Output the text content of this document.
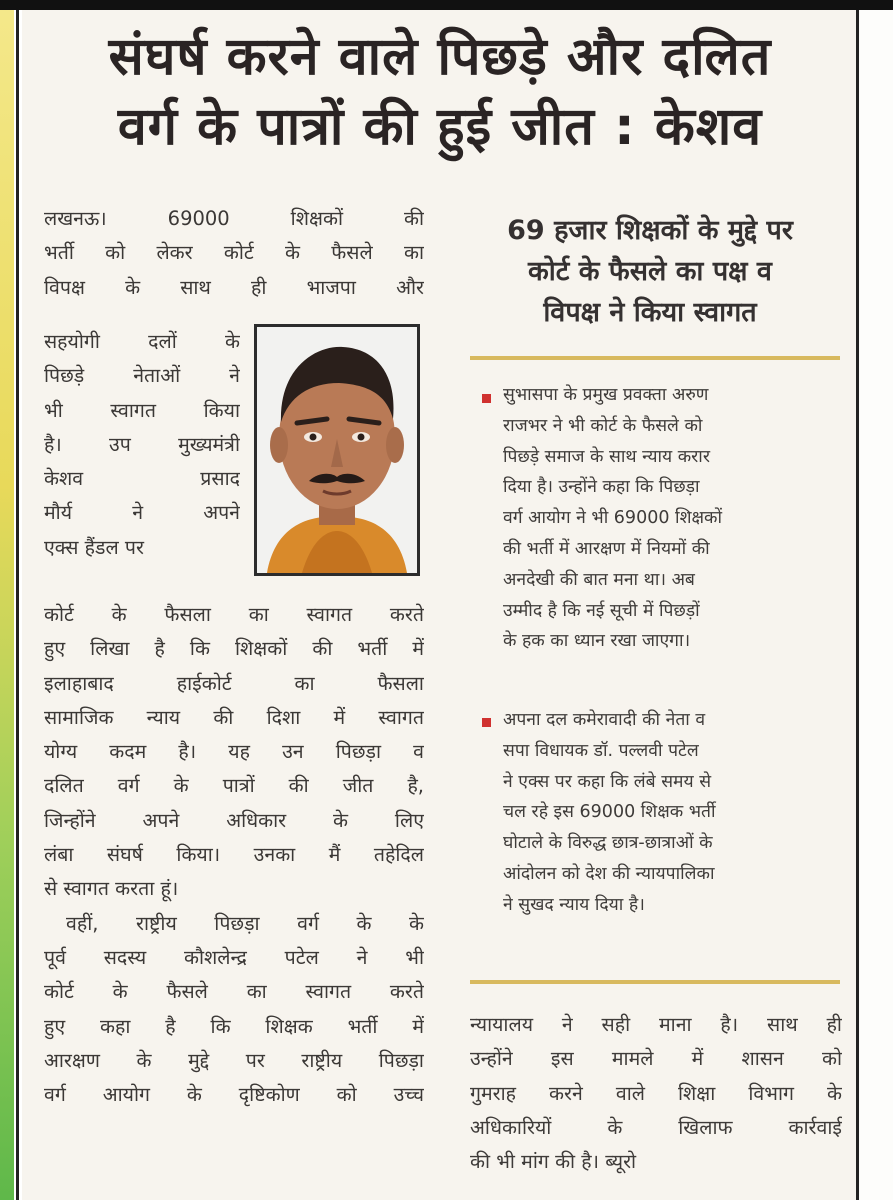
संघर्ष करने वाले पिछड़े और दलित
वर्ग के पात्रों की हुई जीत : केशव
लखनऊ। 69000 शिक्षकों की
भर्ती को लेकर कोर्ट के फैसले का
विपक्ष के साथ ही भाजपा और
सहयोगी दलों के
पिछड़े नेताओं ने
भी स्वागत किया
है। उप मुख्यमंत्री
केशव प्रसाद
मौर्य ने अपने
एक्स हैंडल पर
कोर्ट के फैसला का स्वागत करते
हुए लिखा है कि शिक्षकों की भर्ती में
इलाहाबाद हाईकोर्ट का फैसला
सामाजिक न्याय की दिशा में स्वागत
योग्य कदम है। यह उन पिछड़ा व
दलित वर्ग के पात्रों की जीत है,
जिन्होंने अपने अधिकार के लिए
लंबा संघर्ष किया। उनका मैं तहेदिल
से स्वागत करता हूं।
वहीं, राष्ट्रीय पिछड़ा वर्ग के के
पूर्व सदस्य कौशलेन्द्र पटेल ने भी
कोर्ट के फैसले का स्वागत करते
हुए कहा है कि शिक्षक भर्ती में
आरक्षण के मुद्दे पर राष्ट्रीय पिछड़ा
वर्ग आयोग के दृष्टिकोण को उच्च
69 हजार शिक्षकों के मुद्दे पर
कोर्ट के फैसले का पक्ष व
विपक्ष ने किया स्वागत
सुभासपा के प्रमुख प्रवक्ता अरुण
राजभर ने भी कोर्ट के फैसले को
पिछड़े समाज के साथ न्याय करार
दिया है। उन्होंने कहा कि पिछड़ा
वर्ग आयोग ने भी 69000 शिक्षकों
की भर्ती में आरक्षण में नियमों की
अनदेखी की बात मना था। अब
उम्मीद है कि नई सूची में पिछड़ों
के हक का ध्यान रखा जाएगा।
अपना दल कमेरावादी की नेता व
सपा विधायक डॉ. पल्लवी पटेल
ने एक्स पर कहा कि लंबे समय से
चल रहे इस 69000 शिक्षक भर्ती
घोटाले के विरुद्ध छात्र-छात्राओं के
आंदोलन को देश की न्यायपालिका
ने सुखद न्याय दिया है।
न्यायालय ने सही माना है। साथ ही
उन्होंने इस मामले में शासन को
गुमराह करने वाले शिक्षा विभाग के
अधिकारियों के खिलाफ कार्रवाई
की भी मांग की है। ब्यूरो
